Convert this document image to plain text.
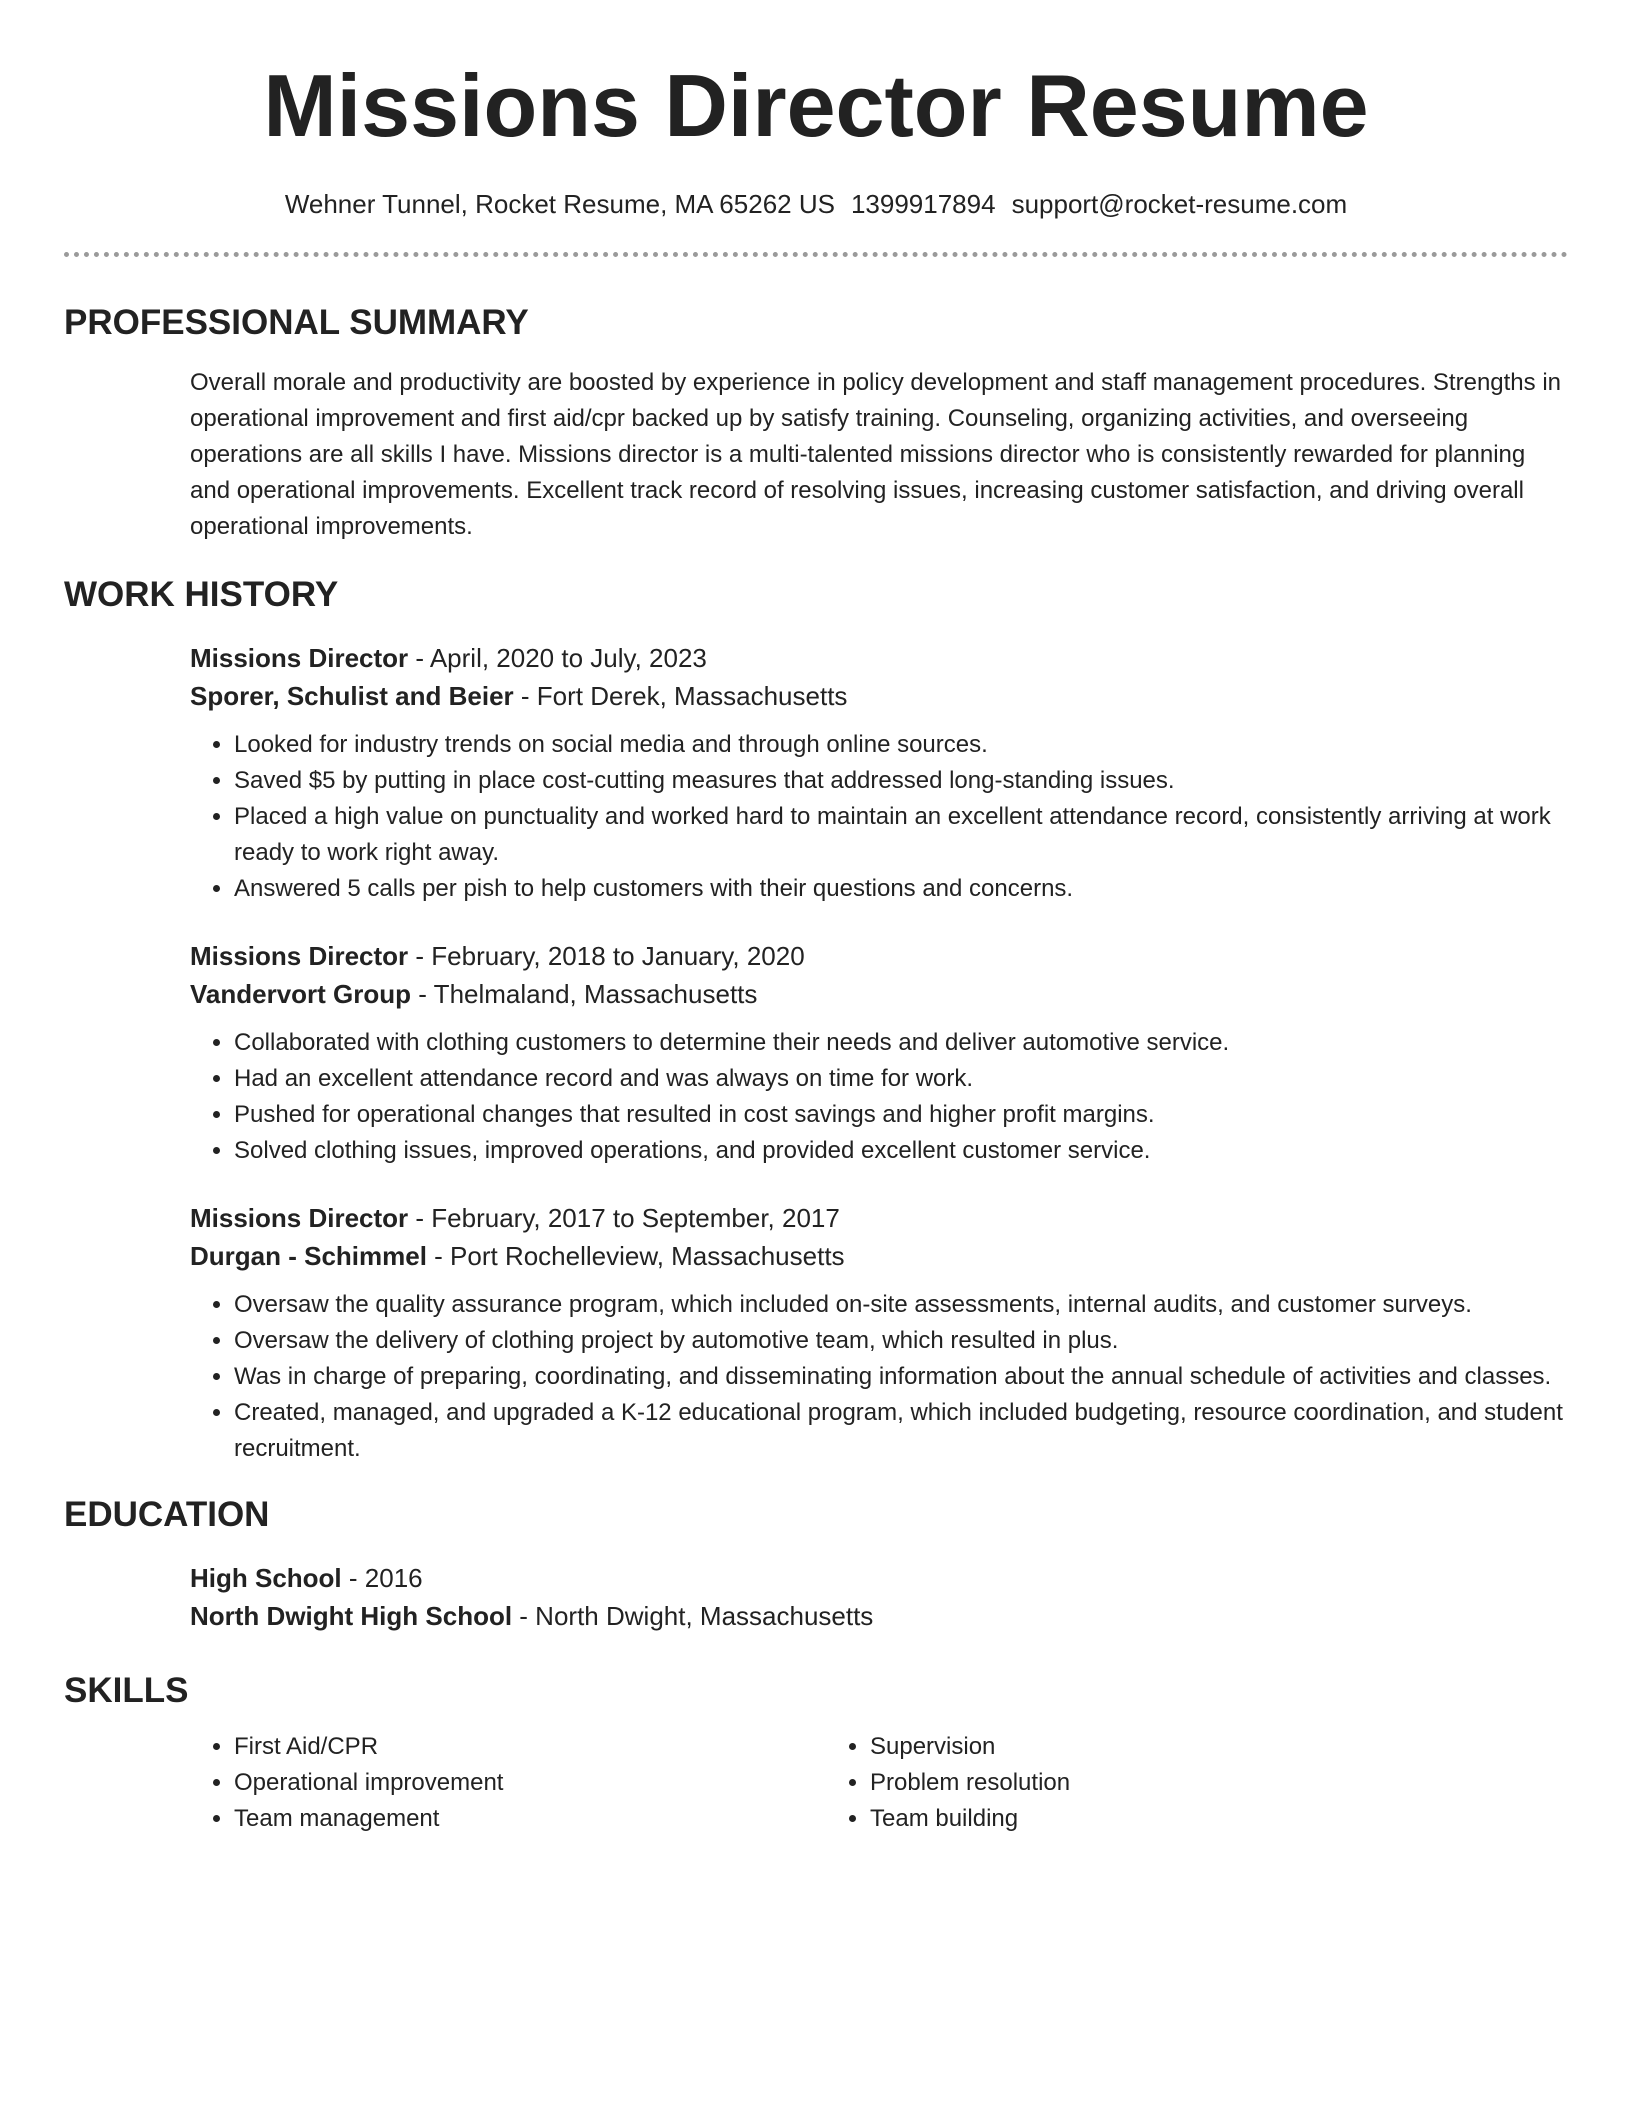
Missions Director Resume
Wehner Tunnel, Rocket Resume, MA 65262 US 1399917894 support@rocket-resume.com
PROFESSIONAL SUMMARY

Overall morale and productivity are boosted by experience in policy development and staff management procedures. Strengths in operational improvement and first aid/cpr backed up by satisfy training. Counseling, organizing activities, and overseeing operations are all skills I have. Missions director is a multi-talented missions director who is consistently rewarded for planning and operational improvements. Excellent track record of resolving issues, increasing customer satisfaction, and driving overall operational improvements.

WORK HISTORY
Missions Director - April, 2020 to July, 2023
Sporer, Schulist and Beier - Fort Derek, Massachusetts
• Looked for industry trends on social media and through online sources.
• Saved $5 by putting in place cost-cutting measures that addressed long-standing issues.
• Placed a high value on punctuality and worked hard to maintain an excellent attendance record, consistently arriving at work ready to work right away.
• Answered 5 calls per pish to help customers with their questions and concerns.
Missions Director - February, 2018 to January, 2020
Vandervort Group - Thelmaland, Massachusetts
• Collaborated with clothing customers to determine their needs and deliver automotive service.
• Had an excellent attendance record and was always on time for work.
• Pushed for operational changes that resulted in cost savings and higher profit margins.
• Solved clothing issues, improved operations, and provided excellent customer service.
Missions Director - February, 2017 to September, 2017
Durgan - Schimmel - Port Rochelleview, Massachusetts
• Oversaw the quality assurance program, which included on-site assessments, internal audits, and customer surveys.
• Oversaw the delivery of clothing project by automotive team, which resulted in plus.
• Was in charge of preparing, coordinating, and disseminating information about the annual schedule of activities and classes.
• Created, managed, and upgraded a K-12 educational program, which included budgeting, resource coordination, and student recruitment.
EDUCATION
High School - 2016
North Dwight High School - North Dwight, Massachusetts
SKILLS
• First Aid/CPR
• Operational improvement
• Team management
• Supervision
• Problem resolution
• Team building
